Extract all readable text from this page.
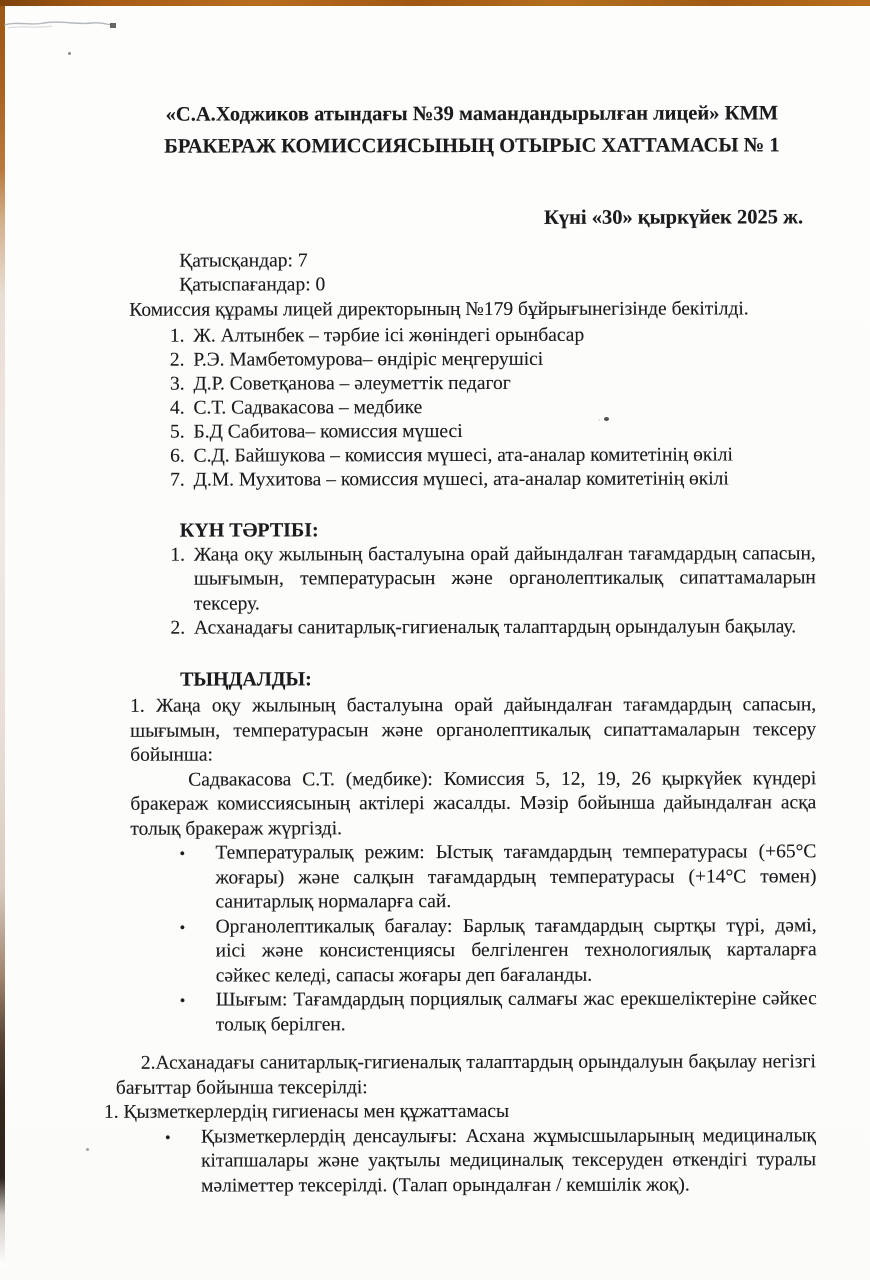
«С.А.Ходжиков атындағы №39 мамандандырылған лицей» КММ
БРАКЕРАЖ КОМИССИЯСЫНЫҢ ОТЫРЫС ХАТТАМАСЫ № 1
Күні «30» қыркүйек 2025 ж.
Қатысқандар: 7
Қатыспағандар: 0

Комиссия құрамы лицей директорының №179 бұйрығынегізінде бекітілді.

1. Ж. Алтынбек – тәрбие ісі жөніндегі орынбасар
2. Р.Э. Мамбетомурова– өндіріс меңгерушісі
3. Д.Р. Советқанова – әлеуметтік педагог
4. С.Т. Садвакасова – медбике
5. Б.Д Сабитова– комиссия мүшесі
6. С.Д. Байшукова – комиссия мүшесі, ата-аналар комитетінің өкілі
7. Д.М. Мухитова – комиссия мүшесі, ата-аналар комитетінің өкілі
КҮН ТӘРТІБІ:
1. Жаңа оқу жылының басталуына орай дайындалған тағамдардың сапасын, шығымын, температурасын және органолептикалық сипаттамаларын тексеру.
2. Асханадағы санитарлық-гигиеналық талаптардың орындалуын бақылау.
ТЫҢДАЛДЫ:

1. Жаңа оқу жылының басталуына орай дайындалған тағамдардың сапасын, шығымын, температурасын және органолептикалық сипаттамаларын тексеру бойынша:

Садвакасова С.Т. (медбике): Комиссия 5, 12, 19, 26 қыркүйек күндері бракераж комиссиясының актілері жасалды. Мәзір бойынша дайындалған асқа толық бракераж жүргізді.

• Температуралық режим: Ыстық тағамдардың температурасы (+65°С жоғары) және салқын тағамдардың температурасы (+14°С төмен) санитарлық нормаларға сай.
• Органолептикалық бағалау: Барлық тағамдардың сыртқы түрі, дәмі, иісі және консистенциясы белгіленген технологиялық карталарға сәйкес келеді, сапасы жоғары деп бағаланды.
• Шығым: Тағамдардың порциялық салмағы жас ерекшеліктеріне сәйкес толық берілген.

2.Асханадағы санитарлық-гигиеналық талаптардың орындалуын бақылау негізгі бағыттар бойынша тексерілді:

1. Қызметкерлердің гигиенасы мен құжаттамасы

• Қызметкерлердің денсаулығы: Асхана жұмысшыларының медициналық кітапшалары және уақтылы медициналық тексеруден өткендігі туралы мәліметтер тексерілді. (Талап орындалған / кемшілік жоқ).
